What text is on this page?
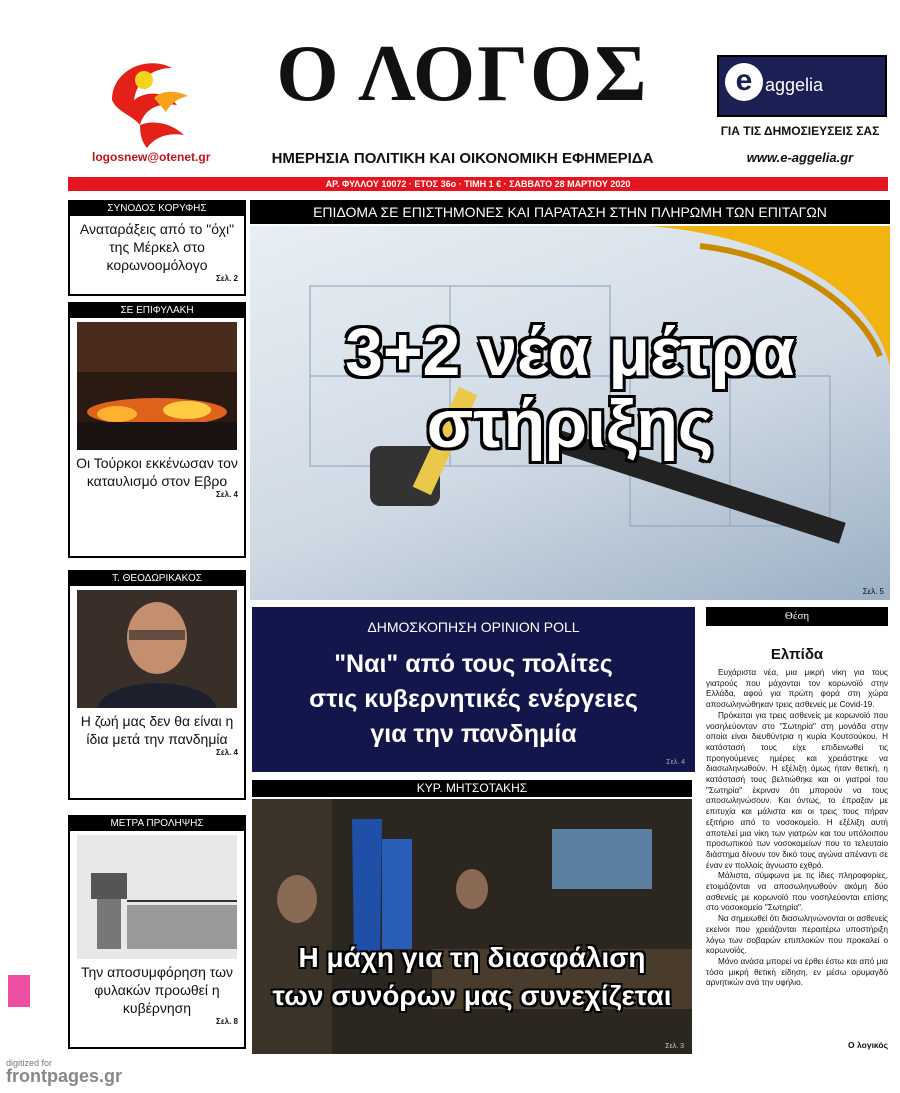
logosnew@otenet.gr
Ο ΛΟΓΟΣ
ΗΜΕΡΗΣΙΑ ΠΟΛΙΤΙΚΗ ΚΑΙ ΟΙΚΟΝΟΜΙΚΗ ΕΦΗΜΕΡΙΔΑ
e aggelia
ΓΙΑ ΤΙΣ ΔΗΜΟΣΙΕΥΣΕΙΣ ΣΑΣ
www.e-aggelia.gr
ΑΡ. ΦΥΛΛΟΥ 10072 · ΕΤΟΣ 36ο · ΤΙΜΗ 1 € · ΣΑΒΒΑΤΟ 28 ΜΑΡΤΙΟΥ 2020
ΣΥΝΟΔΟΣ ΚΟΡΥΦΗΣ
Αναταράξεις από το "όχι" της Μέρκελ στο κορωνοομόλογο
Σελ. 2
ΣΕ ΕΠΙΦΥΛΑΚΗ
Οι Τούρκοι εκκένωσαν τον καταυλισμό στον Εβρο
Σελ. 4
Τ. ΘΕΟΔΩΡΙΚΑΚΟΣ
Η ζωή μας δεν θα είναι η ίδια μετά την πανδημία
Σελ. 4
ΜΕΤΡΑ ΠΡΟΛΗΨΗΣ
Την αποσυμφόρηση των φυλακών προωθεί η κυβέρνηση
Σελ. 8
ΕΠΙΔΟΜΑ ΣΕ ΕΠΙΣΤΗΜΟΝΕΣ ΚΑΙ ΠΑΡΑΤΑΣΗ ΣΤΗΝ ΠΛΗΡΩΜΗ ΤΩΝ ΕΠΙΤΑΓΩΝ
3+2 νέα μέτρα
στήριξης
Σελ. 5
ΔΗΜΟΣΚΟΠΗΣΗ OPINION POLL
"Ναι" από τους πολίτες
στις κυβερνητικές ενέργειες
για την πανδημία
Σελ. 4
ΚΥΡ. ΜΗΤΣΟΤΑΚΗΣ
Η μάχη για τη διασφάλιση
των συνόρων μας συνεχίζεται
Σελ. 3
Θέση
Ελπίδα

Ευχάριστα νέα, μια μικρή νίκη για τους γιατρούς που μάχονται τον κορωνοϊό στην Ελλάδα, αφού για πρώτη φορά στη χώρα αποσωληνώθηκαν τρεις ασθενείς με Covid-19.

Πρόκειται για τρεις ασθενείς με κορωνοϊό που νοσηλεύονταν στο "Σωτηρία" στη μονάδα στην οποία είναι διευθύντρια η κυρία Κουτσούκου. Η κατάστασή τους είχε επιδεινωθεί τις προηγούμενες ημέρες και χρειάστηκε να διασωληνωθούν. Η εξέλιξη όμως ήταν θετική, η κατάστασή τους βελτιώθηκε και οι γιατροί του "Σωτηρία" έκριναν ότι μπορούν να τους αποσωληνώσουν. Και όντως, το έπραξαν με επιτυχία και μάλιστα και οι τρεις τους πήραν εξιτήριο από το νοσοκομείο. Η εξέλιξη αυτή αποτελεί μια νίκη των γιατρών και του υπόλοιπου προσωπικού των νοσοκομείων που το τελευταίο διάστημα δίνουν τον δικό τους αγώνα απέναντι σε έναν εν πολλοίς άγνωστο εχθρό.

Μάλιστα, σύμφωνα με τις ίδιες πληροφορίες, ετοιμάζονται να αποσωληνωθούν ακόμη δύο ασθενείς με κορωνοϊό που νοσηλεύονται επίσης στο νοσοκομείο "Σωτηρία".

Να σημειωθεί ότι διασωληνώνονται οι ασθενείς εκείνοι που χρειάζονται περαιτέρω υποστήριξη λόγω των σοβαρών επιπλοκών που προκαλεί ο κορωνοϊός.

Μόνο ανάσα μπορεί να έρθει έστω και από μια τόσο μικρή θετική είδηση, εν μέσω ορυμαγδό αρνητικών ανά την υφήλιο.

Ο λογικός
digitized for
frontpages.gr
